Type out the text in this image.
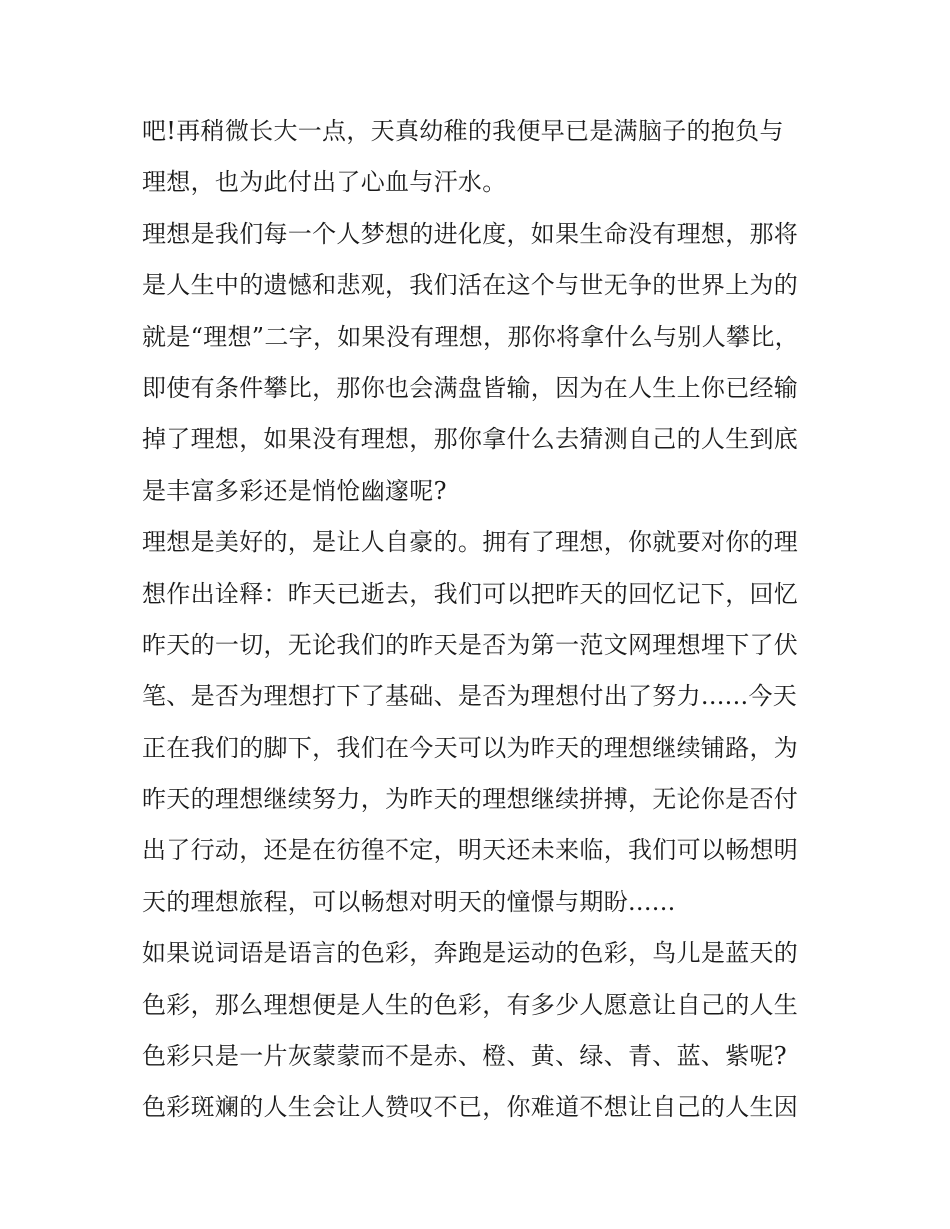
吧!再稍微长大一点，天真幼稚的我便早已是满脑子的抱负与
理想，也为此付出了心血与汗水。
理想是我们每一个人梦想的进化度，如果生命没有理想，那将
是人生中的遗憾和悲观，我们活在这个与世无争的世界上为的
就是“理想”二字，如果没有理想，那你将拿什么与别人攀比，
即使有条件攀比，那你也会满盘皆输，因为在人生上你已经输
掉了理想，如果没有理想，那你拿什么去猜测自己的人生到底
是丰富多彩还是悄怆幽邃呢?
理想是美好的，是让人自豪的。拥有了理想，你就要对你的理
想作出诠释：昨天已逝去，我们可以把昨天的回忆记下，回忆
昨天的一切，无论我们的昨天是否为第一范文网理想埋下了伏
笔、是否为理想打下了基础、是否为理想付出了努力......今天
正在我们的脚下，我们在今天可以为昨天的理想继续铺路，为
昨天的理想继续努力，为昨天的理想继续拼搏，无论你是否付
出了行动，还是在彷徨不定，明天还未来临，我们可以畅想明
天的理想旅程，可以畅想对明天的憧憬与期盼......
如果说词语是语言的色彩，奔跑是运动的色彩，鸟儿是蓝天的
色彩，那么理想便是人生的色彩，有多少人愿意让自己的人生
色彩只是一片灰蒙蒙而不是赤、橙、黄、绿、青、蓝、紫呢?
色彩斑斓的人生会让人赞叹不已，你难道不想让自己的人生因
